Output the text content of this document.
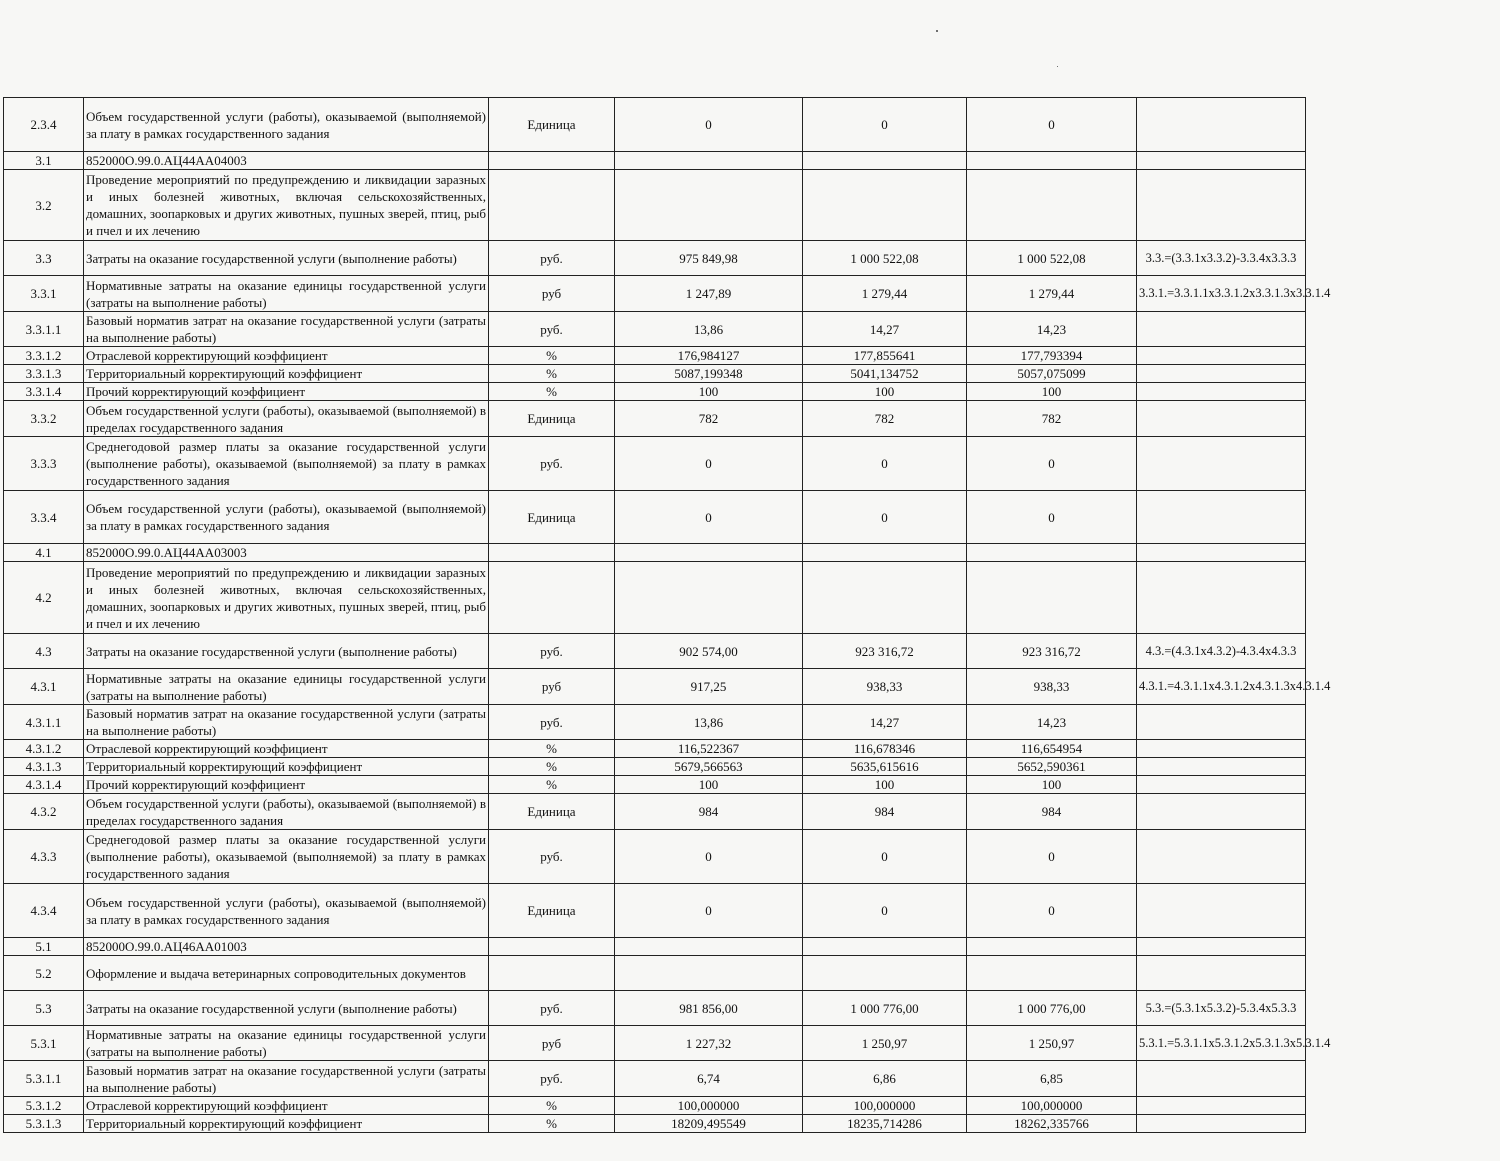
2.3.4	Объем государственной услуги (работы), оказываемой (выполняемой) за плату в рамках государственного задания	Единица	0	0	0	
3.1	852000О.99.0.АЦ44АА04003					
3.2	Проведение мероприятий по предупреждению и ликвидации заразных и иных болезней животных, включая сельскохозяйственных, домашних, зоопарковых и других животных, пушных зверей, птиц, рыб и пчел и их лечению					
3.3	Затраты на оказание государственной услуги (выполнение работы)	руб.	975 849,98	1 000 522,08	1 000 522,08	3.3.=(3.3.1х3.3.2)-3.3.4х3.3.3
3.3.1	Нормативные затраты на оказание единицы государственной услуги (затраты на выполнение работы)	руб	1 247,89	1 279,44	1 279,44	3.3.1.=3.3.1.1х3.3.1.2х3.3.1.3х3.3.1.4
3.3.1.1	Базовый норматив затрат на оказание государственной услуги (затраты на выполнение работы)	руб.	13,86	14,27	14,23	
3.3.1.2	Отраслевой корректирующий коэффициент	%	176,984127	177,855641	177,793394	
3.3.1.3	Территориальный корректирующий коэффициент	%	5087,199348	5041,134752	5057,075099	
3.3.1.4	Прочий корректирующий коэффициент	%	100	100	100	
3.3.2	Объем государственной услуги (работы), оказываемой (выполняемой) в пределах государственного задания	Единица	782	782	782	
3.3.3	Среднегодовой размер платы за оказание государственной услуги (выполнение работы), оказываемой (выполняемой) за плату в рамках государственного задания	руб.	0	0	0	
3.3.4	Объем государственной услуги (работы), оказываемой (выполняемой) за плату в рамках государственного задания	Единица	0	0	0	
4.1	852000О.99.0.АЦ44АА03003					
4.2	Проведение мероприятий по предупреждению и ликвидации заразных и иных болезней животных, включая сельскохозяйственных, домашних, зоопарковых и других животных, пушных зверей, птиц, рыб и пчел и их лечению					
4.3	Затраты на оказание государственной услуги (выполнение работы)	руб.	902 574,00	923 316,72	923 316,72	4.3.=(4.3.1х4.3.2)-4.3.4х4.3.3
4.3.1	Нормативные затраты на оказание единицы государственной услуги (затраты на выполнение работы)	руб	917,25	938,33	938,33	4.3.1.=4.3.1.1х4.3.1.2х4.3.1.3х4.3.1.4
4.3.1.1	Базовый норматив затрат на оказание государственной услуги (затраты на выполнение работы)	руб.	13,86	14,27	14,23	
4.3.1.2	Отраслевой корректирующий коэффициент	%	116,522367	116,678346	116,654954	
4.3.1.3	Территориальный корректирующий коэффициент	%	5679,566563	5635,615616	5652,590361	
4.3.1.4	Прочий корректирующий коэффициент	%	100	100	100	
4.3.2	Объем государственной услуги (работы), оказываемой (выполняемой) в пределах государственного задания	Единица	984	984	984	
4.3.3	Среднегодовой размер платы за оказание государственной услуги (выполнение работы), оказываемой (выполняемой) за плату в рамках государственного задания	руб.	0	0	0	
4.3.4	Объем государственной услуги (работы), оказываемой (выполняемой) за плату в рамках государственного задания	Единица	0	0	0	
5.1	852000О.99.0.АЦ46АА01003					
5.2	Оформление и выдача ветеринарных сопроводительных документов					
5.3	Затраты на оказание государственной услуги (выполнение работы)	руб.	981 856,00	1 000 776,00	1 000 776,00	5.3.=(5.3.1х5.3.2)-5.3.4х5.3.3
5.3.1	Нормативные затраты на оказание единицы государственной услуги (затраты на выполнение работы)	руб	1 227,32	1 250,97	1 250,97	5.3.1.=5.3.1.1х5.3.1.2х5.3.1.3х5.3.1.4
5.3.1.1	Базовый норматив затрат на оказание государственной услуги (затраты на выполнение работы)	руб.	6,74	6,86	6,85	
5.3.1.2	Отраслевой корректирующий коэффициент	%	100,000000	100,000000	100,000000	
5.3.1.3	Территориальный корректирующий коэффициент	%	18209,495549	18235,714286	18262,335766	
